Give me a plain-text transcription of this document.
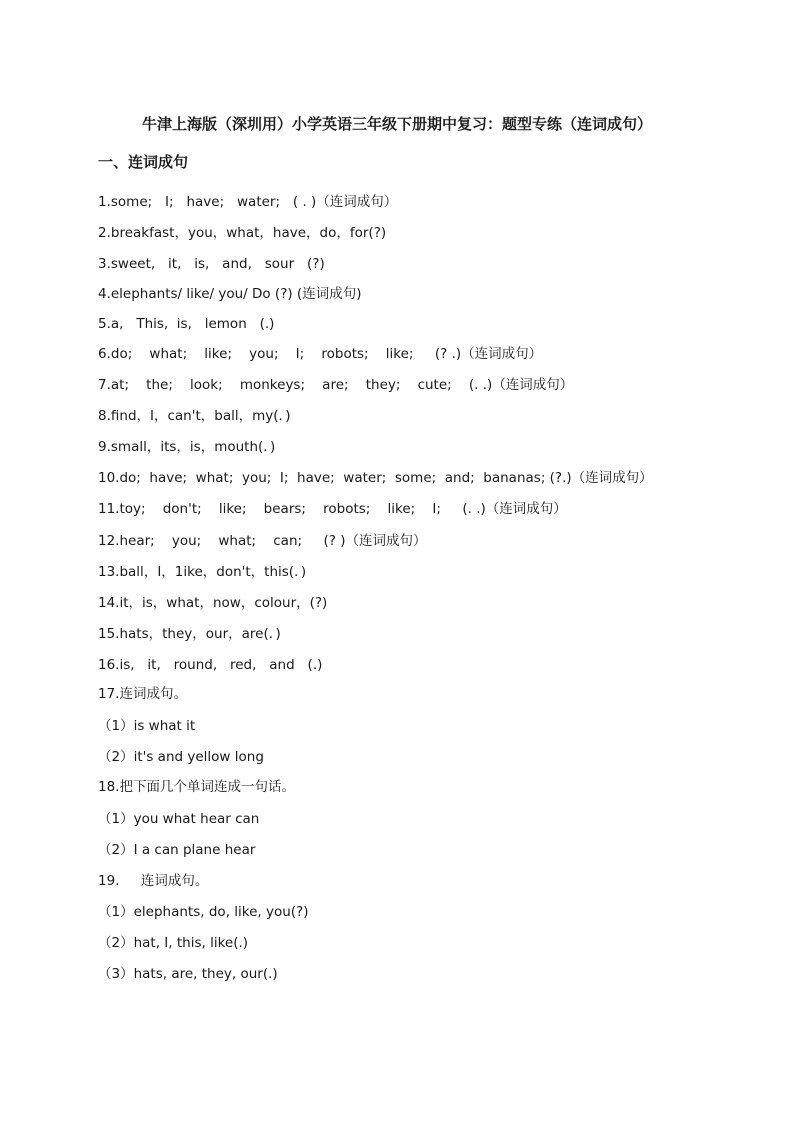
牛津上海版（深圳用）小学英语三年级下册期中复习：题型专练（连词成句）
一、连词成句
1.some;   I;   have;   water;   ( . )（连词成句）
2.breakfast，you，what，have，do，for(?)
3.sweet,   it,   is,   and,   sour   (?)
4.elephants/ like/ you/ Do (?) (连词成句)
5.a,   This,  is,   lemon   (.)
6.do;    what;    like;    you;    I;    robots;    like;     (? .)（连词成句）
7.at;    the;    look;    monkeys;    are;    they;    cute;    (. .)（连词成句）
8.find，I，can't，ball，my(．)
9.small，its，is，mouth(．)
10.do;  have;  what;  you;  I;  have;  water;  some;  and;  bananas; (?.)（连词成句）
11.toy;    don't;    like;    bears;    robots;    like;    I;     (. .)（连词成句）
12.hear;    you;    what;    can;     (? )（连词成句）
13.ball，I，1ike，don't，this(．)
14.it，is，what，now，colour，(?)
15.hats，they，our，are(．)
16.is,   it,   round,   red,   and   (.)
17.连词成句。
（1）is what it
（2）it's and yellow long
18.把下面几个单词连成一句话。
（1）you what hear can
（2）I a can plane hear
19.     连词成句。
（1）elephants, do, like, you(?)
（2）hat, I, this, like(.)
（3）hats, are, they, our(.)
